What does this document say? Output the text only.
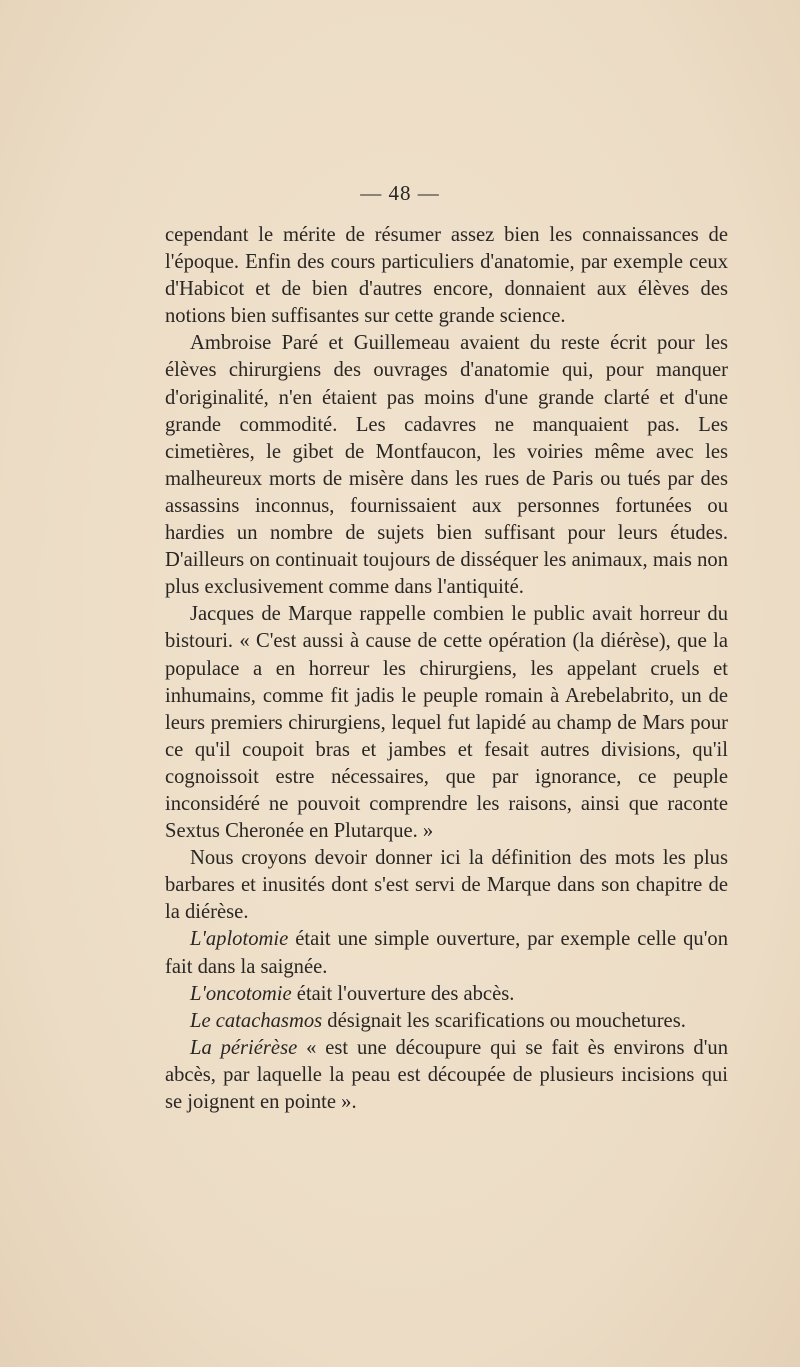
— 48 —

cependant le mérite de résumer assez bien les connaissances de l'époque. Enfin des cours particuliers d'anatomie, par exemple ceux d'Habicot et de bien d'autres encore, donnaient aux élèves des notions bien suffisantes sur cette grande science.

Ambroise Paré et Guillemeau avaient du reste écrit pour les élèves chirurgiens des ouvrages d'anatomie qui, pour manquer d'originalité, n'en étaient pas moins d'une grande clarté et d'une grande commodité. Les cadavres ne manquaient pas. Les cimetières, le gibet de Montfaucon, les voiries même avec les malheureux morts de misère dans les rues de Paris ou tués par des assassins inconnus, fournissaient aux personnes fortunées ou hardies un nombre de sujets bien suffisant pour leurs études. D'ailleurs on continuait toujours de disséquer les animaux, mais non plus exclusivement comme dans l'antiquité.

Jacques de Marque rappelle combien le public avait horreur du bistouri. « C'est aussi à cause de cette opération (la diérèse), que la populace a en horreur les chirurgiens, les appelant cruels et inhumains, comme fit jadis le peuple romain à Arebelabrito, un de leurs premiers chirurgiens, lequel fut lapidé au champ de Mars pour ce qu'il coupoit bras et jambes et fesait autres divisions, qu'il cognoissoit estre nécessaires, que par ignorance, ce peuple inconsidéré ne pouvoit comprendre les raisons, ainsi que raconte Sextus Cheronée en Plutarque. »

Nous croyons devoir donner ici la définition des mots les plus barbares et inusités dont s'est servi de Marque dans son chapitre de la diérèse.

L'aplotomie était une simple ouverture, par exemple celle qu'on fait dans la saignée.

L'oncotomie était l'ouverture des abcès.

Le catachasmos désignait les scarifications ou mouchetures.

La périérèse « est une découpure qui se fait ès environs d'un abcès, par laquelle la peau est découpée de plusieurs incisions qui se joignent en pointe ».
